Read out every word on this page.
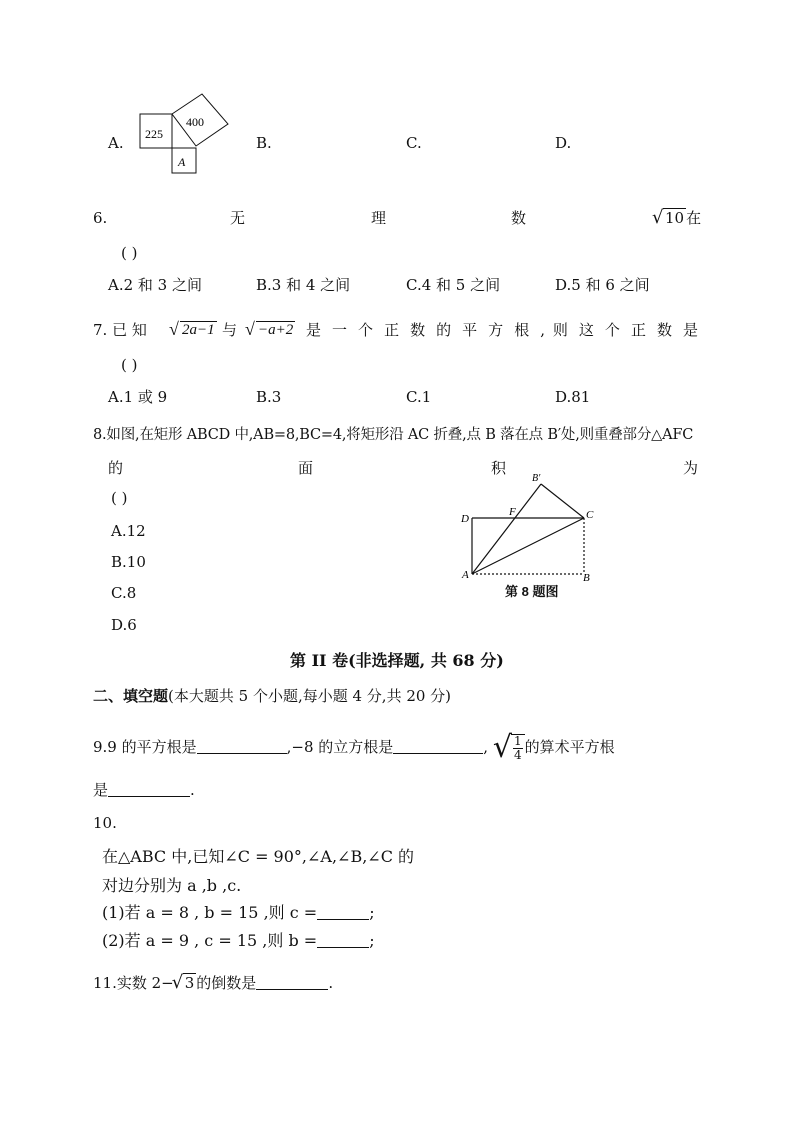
A. 225
400
A
B.	C.	D.
6.	无	理	数	√ 10 在
( )
A.2 和 3 之间	B.3 和 4 之间	C.4 和 5 之间	D.5 和 6 之间
7. 已 知	√ 2a−1 与	√ −a+2 是 一 个 正 数 的 平 方 根 , 则 这 个 正 数 是
( )
A.1 或 9	B.3	C.1	D.81
8.如图,在矩形 ABCD 中,AB=8,BC=4,将矩形沿 AC 折叠,点 B 落在点 B′处,则重叠部分△AFC
的	面	积	为
( )
A.12
B.10
C.8
D.6
B′
D
F	C
A	B
第 8 题图
第 II 卷(非选择题, 共 68 分)
二、填空题(本大题共 5 个小题,每小题 4 分,共 20 分)
9.9 的平方根是	,−8 的立方根是	, √ $\frac{1}{4}$ 的算术平方根
是	.
10.
在△ABC 中,已知∠C = 90°,∠A,∠B,∠C 的
对边分别为 a ,b ,c.
(1)若 a = 8 , b = 15 ,则 c =	;
(2)若 a = 9 , c = 15 ,则 b =	;
11.实数 2− √ 3 的倒数是	.
